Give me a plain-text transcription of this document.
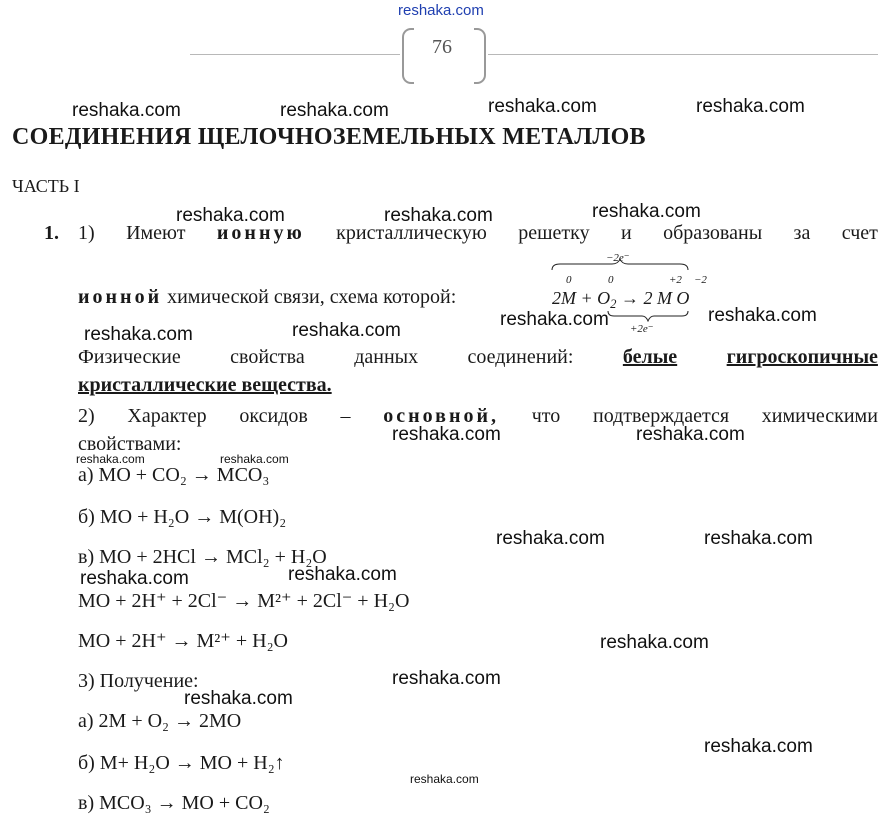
reshaka.com
76
reshaka.com	reshaka.com	reshaka.com	reshaka.com
reshaka.com	reshaka.com	reshaka.com
reshaka.com	reshaka.com
reshaka.com	reshaka.com
reshaka.com	reshaka.com
reshaka.com	reshaka.com
reshaka.com	reshaka.com
reshaka.com	reshaka.com
reshaka.com
reshaka.com
reshaka.com
reshaka.com
reshaka.com
СОЕДИНЕНИЯ ЩЕЛОЧНОЗЕМЕЛЬНЫХ МЕТАЛЛОВ
ЧАСТЬ I
1. 1) Имеют ионную кристаллическую решетку и образованы за счет
ионной химической связи, схема которой:
−2e⁻
0	0	+2 −2
$2M + O_2 \to 2$ M O
+2e⁻
Физические свойства данных соединений: белые гигроскопичные
кристаллические вещества.
2) Характер оксидов – основной, что подтверждается химическими
свойствами:
а) MO + CO₂ → MCO₃
б) MO + H₂O → M(OH)₂
в) MO + 2HCl → MCl₂ + H₂O
MO + 2H⁺ + 2Cl⁻ → M²⁺ + 2Cl⁻ + H₂O
MO + 2H⁺ → M²⁺ + H₂O
3) Получение:
а) 2M + O₂ → 2MO
б) M+ H₂O → MO + H₂↑
в) MCO₃ → MO + CO₂
